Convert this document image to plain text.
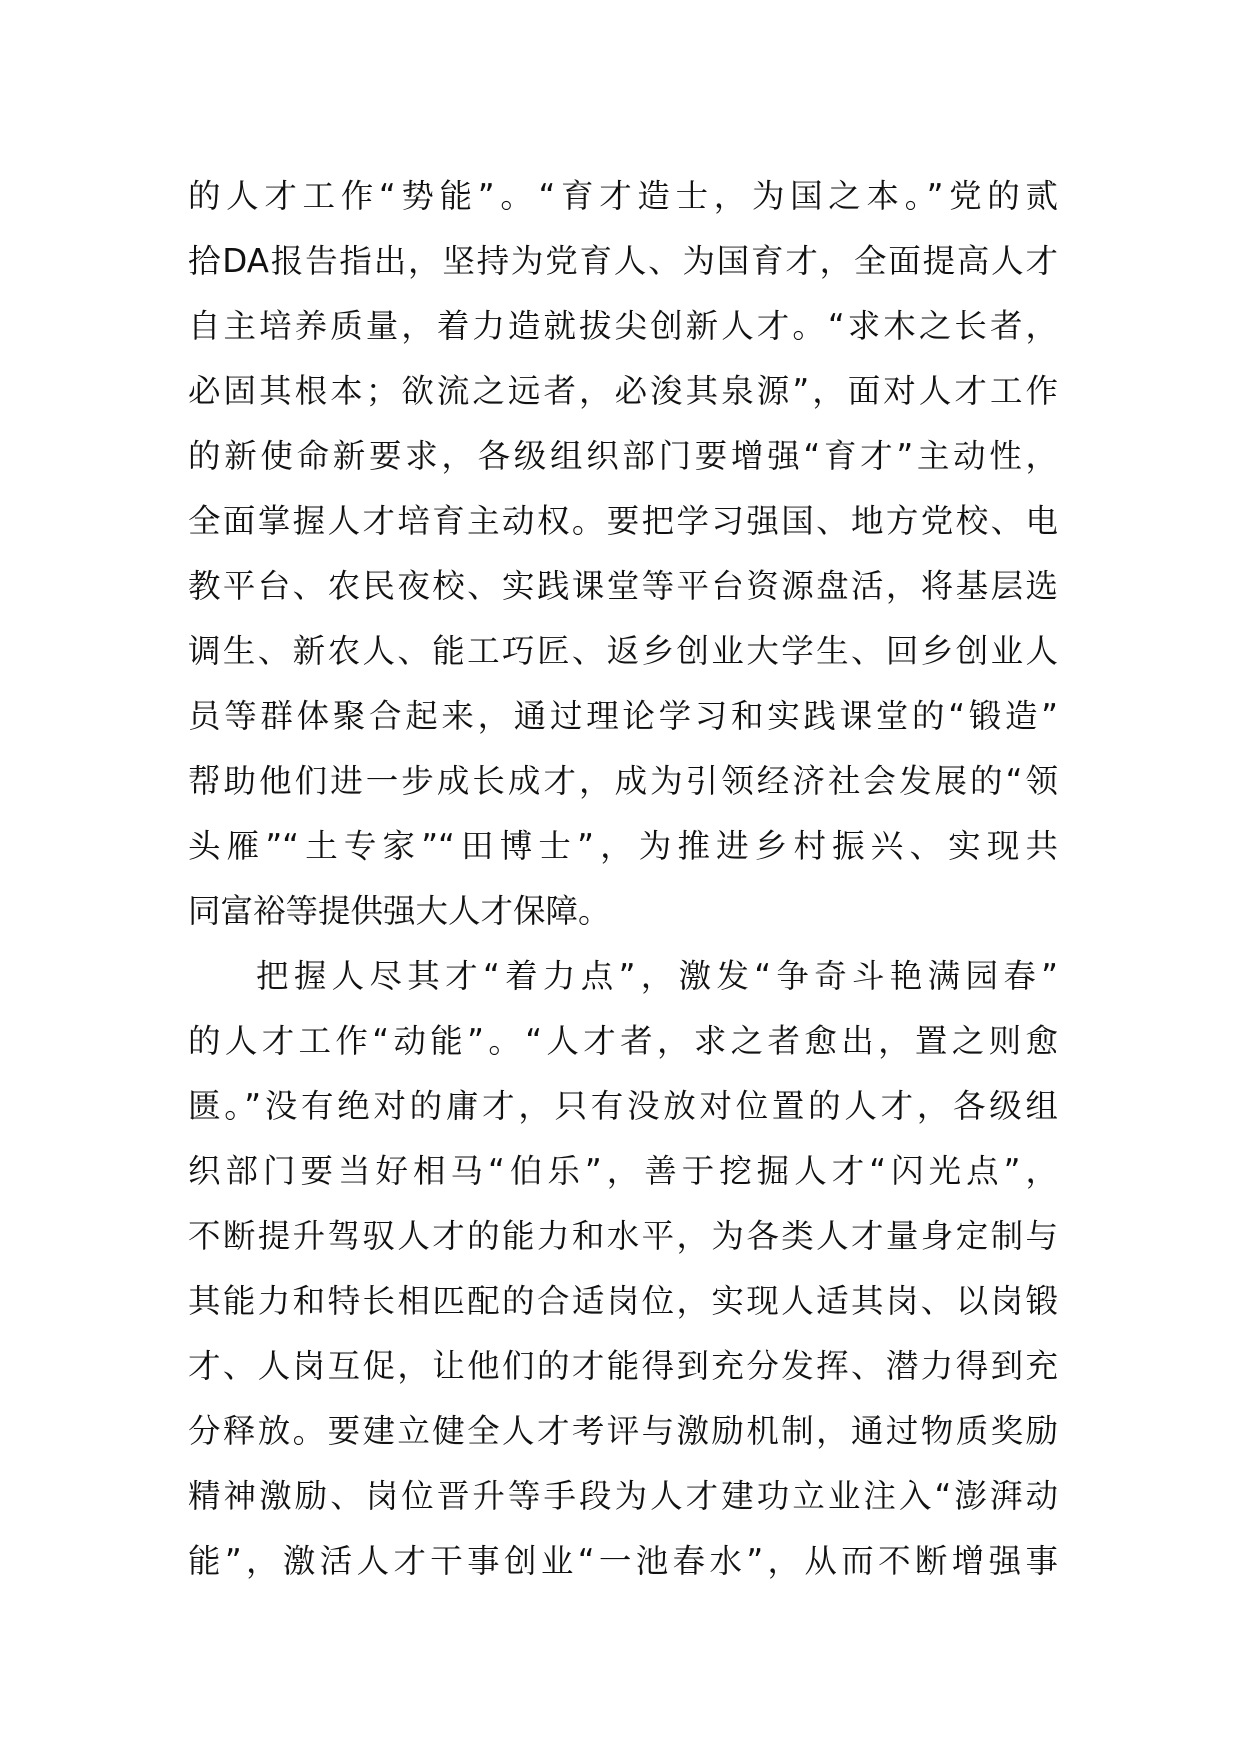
的人才工作“势能”。“育才造士，为国之本。”党的贰
拾DA报告指出，坚持为党育人、为国育才，全面提高人才
自主培养质量，着力造就拔尖创新人才。“求木之长者，
必固其根本；欲流之远者，必浚其泉源”，面对人才工作
的新使命新要求，各级组织部门要增强“育才”主动性，
全面掌握人才培育主动权。要把学习强国、地方党校、电
教平台、农民夜校、实践课堂等平台资源盘活，将基层选
调生、新农人、能工巧匠、返乡创业大学生、回乡创业人
员等群体聚合起来，通过理论学习和实践课堂的“锻造”
帮助他们进一步成长成才，成为引领经济社会发展的“领
头雁”“土专家”“田博士”，为推进乡村振兴、实现共
同富裕等提供强大人才保障。
把握人尽其才“着力点”，激发“争奇斗艳满园春”
的人才工作“动能”。“人才者，求之者愈出，置之则愈
匮。”没有绝对的庸才，只有没放对位置的人才，各级组
织部门要当好相马“伯乐”，善于挖掘人才“闪光点”，
不断提升驾驭人才的能力和水平，为各类人才量身定制与
其能力和特长相匹配的合适岗位，实现人适其岗、以岗锻
才、人岗互促，让他们的才能得到充分发挥、潜力得到充
分释放。要建立健全人才考评与激励机制，通过物质奖励
精神激励、岗位晋升等手段为人才建功立业注入“澎湃动
能”，激活人才干事创业“一池春水”，从而不断增强事
